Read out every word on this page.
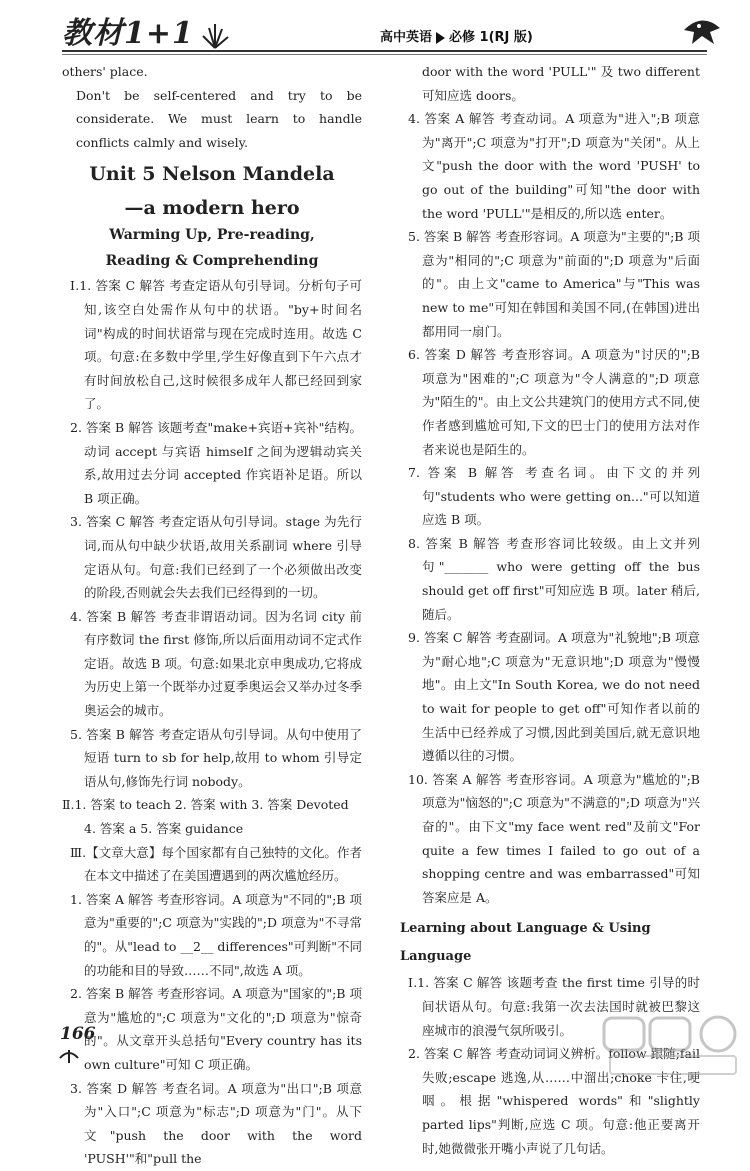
教材1+1	高中英语 必修 1(RJ 版)
others' place.
Don't be self-centered and try to be considerate. We must learn to handle conflicts calmly and wisely.
Unit 5 Nelson Mandela
—a modern hero
Warming Up, Pre-reading,
Reading & Comprehending
Ⅰ.1. 答案 C 解答 考查定语从句引导词。分析句子可知,该空白处需作从句中的状语。"by+时间名词"构成的时间状语常与现在完成时连用。故选 C 项。句意:在多数中学里,学生好像直到下午六点才有时间放松自己,这时候很多成年人都已经回到家了。
2. 答案 B 解答 该题考查"make+宾语+宾补"结构。动词 accept 与宾语 himself 之间为逻辑动宾关系,故用过去分词 accepted 作宾语补足语。所以 B 项正确。
3. 答案 C 解答 考查定语从句引导词。stage 为先行词,而从句中缺少状语,故用关系副词 where 引导定语从句。句意:我们已经到了一个必须做出改变的阶段,否则就会失去我们已经得到的一切。
4. 答案 B 解答 考查非谓语动词。因为名词 city 前有序数词 the first 修饰,所以后面用动词不定式作定语。故选 B 项。句意:如果北京申奥成功,它将成为历史上第一个既举办过夏季奥运会又举办过冬季奥运会的城市。
5. 答案 B 解答 考查定语从句引导词。从句中使用了短语 turn to sb for help,故用 to whom 引导定语从句,修饰先行词 nobody。
Ⅱ.1. 答案 to teach 2. 答案 with 3. 答案 Devoted
4. 答案 a 5. 答案 guidance
Ⅲ.【文章大意】每个国家都有自己独特的文化。作者在本文中描述了在美国遭遇到的两次尴尬经历。
1. 答案 A 解答 考查形容词。A 项意为"不同的";B 项意为"重要的";C 项意为"实践的";D 项意为"不寻常的"。从"lead to __2__ differences"可判断"不同的功能和目的导致……不同",故选 A 项。
2. 答案 B 解答 考查形容词。A 项意为"国家的";B 项意为"尴尬的";C 项意为"文化的";D 项意为"惊奇的"。从文章开头总括句"Every country has its own culture"可知 C 项正确。
3. 答案 D 解答 考查名词。A 项意为"出口";B 项意为"入口";C 项意为"标志";D 项意为"门"。从下文"push the door with the word 'PUSH'"和"pull the
door with the word 'PULL'" 及 two different 可知应选 doors。
4. 答案 A 解答 考查动词。A 项意为"进入";B 项意为"离开";C 项意为"打开";D 项意为"关闭"。从上文"push the door with the word 'PUSH' to go out of the building"可知"the door with the word 'PULL'"是相反的,所以选 enter。
5. 答案 B 解答 考查形容词。A 项意为"主要的";B 项意为"相同的";C 项意为"前面的";D 项意为"后面的"。由上文"came to America"与"This was new to me"可知在韩国和美国不同,(在韩国)进出都用同一扇门。
6. 答案 D 解答 考查形容词。A 项意为"讨厌的";B 项意为"困难的";C 项意为"令人满意的";D 项意为"陌生的"。由上文公共建筑门的使用方式不同,使作者感到尴尬可知,下文的巴士门的使用方法对作者来说也是陌生的。
7. 答案 B 解答 考查名词。由下文的并列句"students who were getting on..."可以知道应选 B 项。
8. 答案 B 解答 考查形容词比较级。由上文并列句"_______ who were getting off the bus should get off first"可知应选 B 项。later 稍后,随后。
9. 答案 C 解答 考查副词。A 项意为"礼貌地";B 项意为"耐心地";C 项意为"无意识地";D 项意为"慢慢地"。由上文"In South Korea, we do not need to wait for people to get off"可知作者以前的生活中已经养成了习惯,因此到美国后,就无意识地遵循以往的习惯。
10. 答案 A 解答 考查形容词。A 项意为"尴尬的";B 项意为"恼怒的";C 项意为"不满意的";D 项意为"兴奋的"。由下文"my face went red"及前文"For quite a few times I failed to go out of a shopping centre and was embarrassed"可知答案应是 A。
Learning about Language & Using Language
Ⅰ.1. 答案 C 解答 该题考查 the first time 引导的时间状语从句。句意:我第一次去法国时就被巴黎这座城市的浪漫气氛所吸引。
2. 答案 C 解答 考查动词词义辨析。follow 跟随;fail 失败;escape 逃逸,从……中溜出;choke 卡住,哽咽。根据"whispered words"和"slightly parted lips"判断,应选 C 项。句意:他正要离开时,她微微张开嘴小声说了几句话。
166
